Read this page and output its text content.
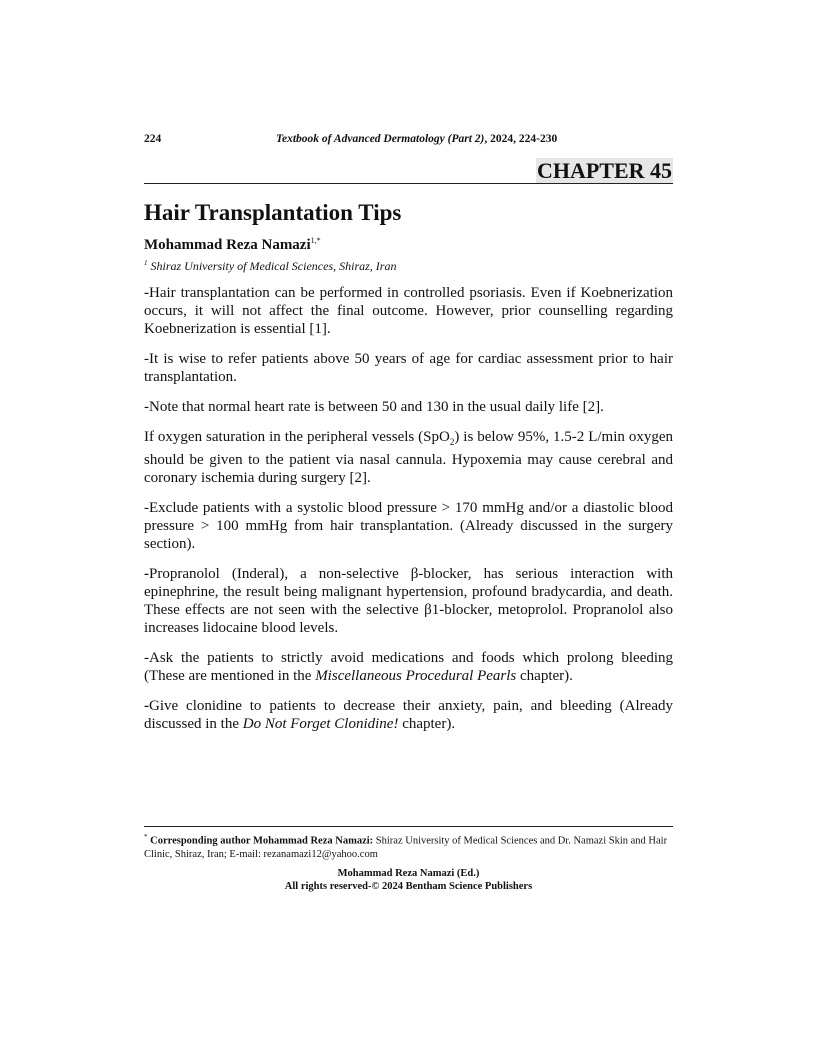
224	Textbook of Advanced Dermatology (Part 2), 2024, 224-230
CHAPTER 45
Hair Transplantation Tips
Mohammad Reza Namazi$^{1,*}$
$^1$ Shiraz University of Medical Sciences, Shiraz, Iran

-Hair transplantation can be performed in controlled psoriasis. Even if Koebnerization occurs, it will not affect the final outcome. However, prior counselling regarding Koebnerization is essential [1].

-It is wise to refer patients above 50 years of age for cardiac assessment prior to hair transplantation.

-Note that normal heart rate is between 50 and 130 in the usual daily life [2].

If oxygen saturation in the peripheral vessels (SpO$_2$) is below 95%, 1.5-2 L/min oxygen should be given to the patient via nasal cannula. Hypoxemia may cause cerebral and coronary ischemia during surgery [2].

-Exclude patients with a systolic blood pressure > 170 mmHg and/or a diastolic blood pressure > 100 mmHg from hair transplantation. (Already discussed in the surgery section).

-Propranolol (Inderal), a non-selective β-blocker, has serious interaction with epinephrine, the result being malignant hypertension, profound bradycardia, and death. These effects are not seen with the selective β1-blocker, metoprolol. Propranolol also increases lidocaine blood levels.

-Ask the patients to strictly avoid medications and foods which prolong bleeding (These are mentioned in the Miscellaneous Procedural Pearls chapter).

-Give clonidine to patients to decrease their anxiety, pain, and bleeding (Already discussed in the Do Not Forget Clonidine! chapter).

* Corresponding author Mohammad Reza Namazi: Shiraz University of Medical Sciences and Dr. Namazi Skin and Hair Clinic, Shiraz, Iran; E-mail: rezanamazi12@yahoo.com
Mohammad Reza Namazi (Ed.)
All rights reserved-© 2024 Bentham Science Publishers
